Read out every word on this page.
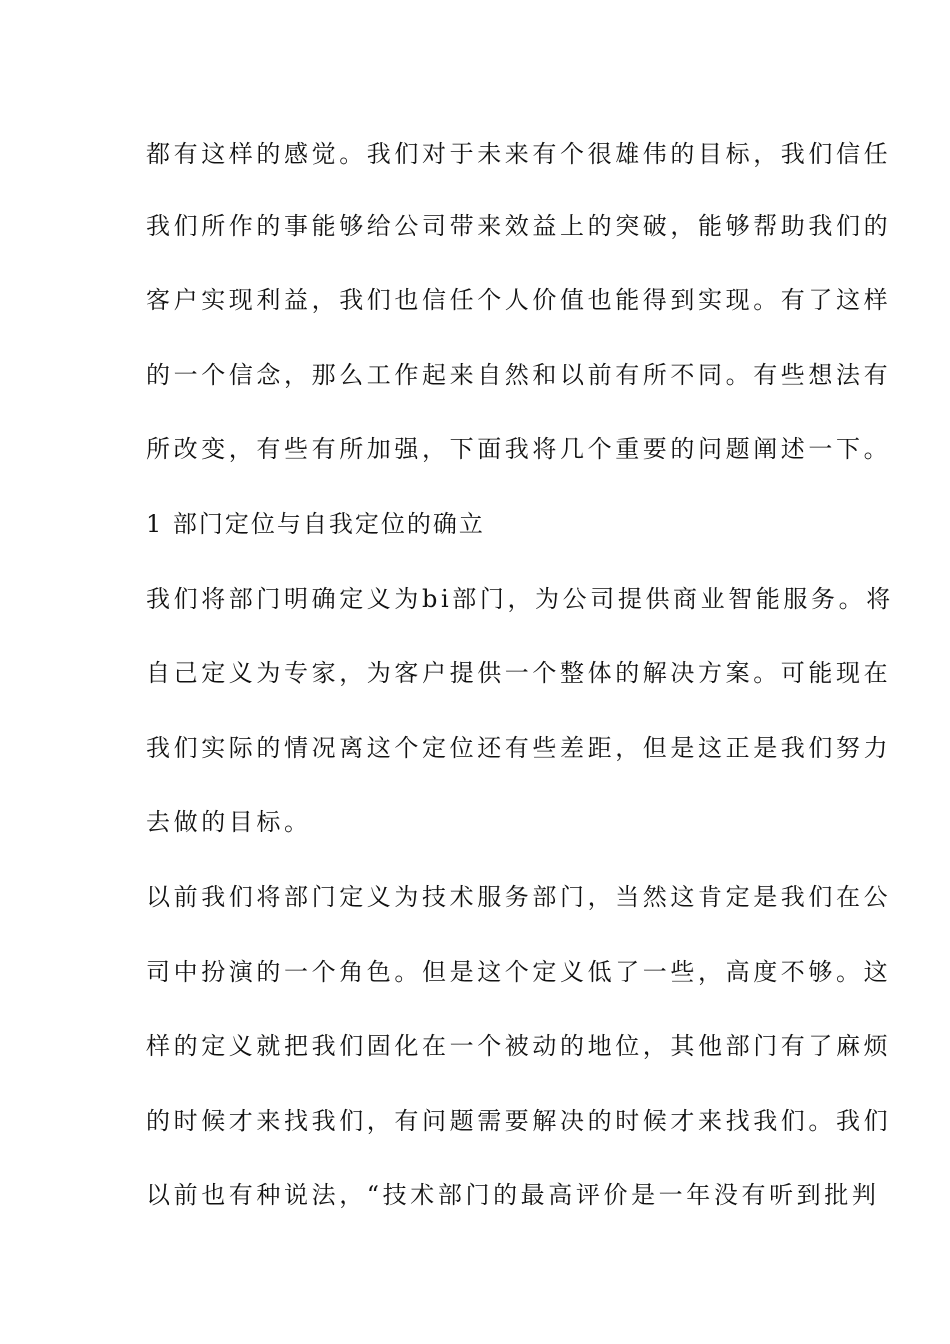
都有这样的感觉。我们对于未来有个很雄伟的目标，我们信任
我们所作的事能够给公司带来效益上的突破，能够帮助我们的
客户实现利益，我们也信任个人价值也能得到实现。有了这样
的一个信念，那么工作起来自然和以前有所不同。有些想法有
所改变，有些有所加强，下面我将几个重要的问题阐述一下。
1 部门定位与自我定位的确立
我们将部门明确定义为bi部门，为公司提供商业智能服务。将
自己定义为专家，为客户提供一个整体的解决方案。可能现在
我们实际的情况离这个定位还有些差距，但是这正是我们努力
去做的目标。
以前我们将部门定义为技术服务部门，当然这肯定是我们在公
司中扮演的一个角色。但是这个定义低了一些，高度不够。这
样的定义就把我们固化在一个被动的地位，其他部门有了麻烦
的时候才来找我们，有问题需要解决的时候才来找我们。我们
以前也有种说法，“技术部门的最高评价是一年没有听到批判
